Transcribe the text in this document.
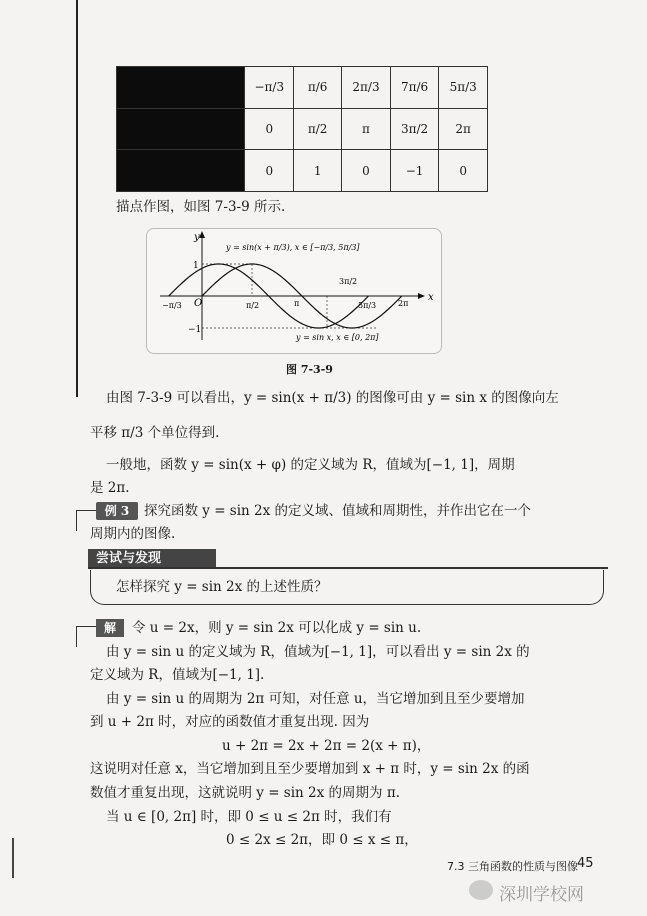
	−π/3	π/6	2π/3	7π/6	5π/3
	0	π/2	π	3π/2	2π
	0	1	0	−1	0
描点作图，如图 7-3-9 所示.
y
x
O
1
−1
−π/3	π/2	π
3π/2
5π/3	2π
y = sin(x + π/3), x ∈ [−π/3, 5π/3]
y = sin x, x ∈ [0, 2π]
图 7-3-9
由图 7-3-9 可以看出，y = sin(x + π/3) 的图像可由 y = sin x 的图像向左
平移 π/3 个单位得到.
一般地，函数 y = sin(x + φ) 的定义域为 R，值域为[−1, 1]，周期
是 2π.
例 3	探究函数 y = sin 2x 的定义域、值域和周期性，并作出它在一个
周期内的图像.
尝试与发现
怎样探究 y = sin 2x 的上述性质？
解	令 u = 2x，则 y = sin 2x 可以化成 y = sin u.
由 y = sin u 的定义域为 R，值域为[−1, 1]，可以看出 y = sin 2x 的
定义域为 R，值域为[−1, 1].
由 y = sin u 的周期为 2π 可知，对任意 u，当它增加到且至少要增加
到 u + 2π 时，对应的函数值才重复出现. 因为
u + 2π = 2x + 2π = 2(x + π)，
这说明对任意 x，当它增加到且至少要增加到 x + π 时，y = sin 2x 的函
数值才重复出现，这就说明 y = sin 2x 的周期为 π.
当 u ∈ [0, 2π] 时，即 0 ≤ u ≤ 2π 时，我们有
0 ≤ 2x ≤ 2π，即 0 ≤ x ≤ π，
7.3 三角函数的性质与图像 45
深圳学校网
